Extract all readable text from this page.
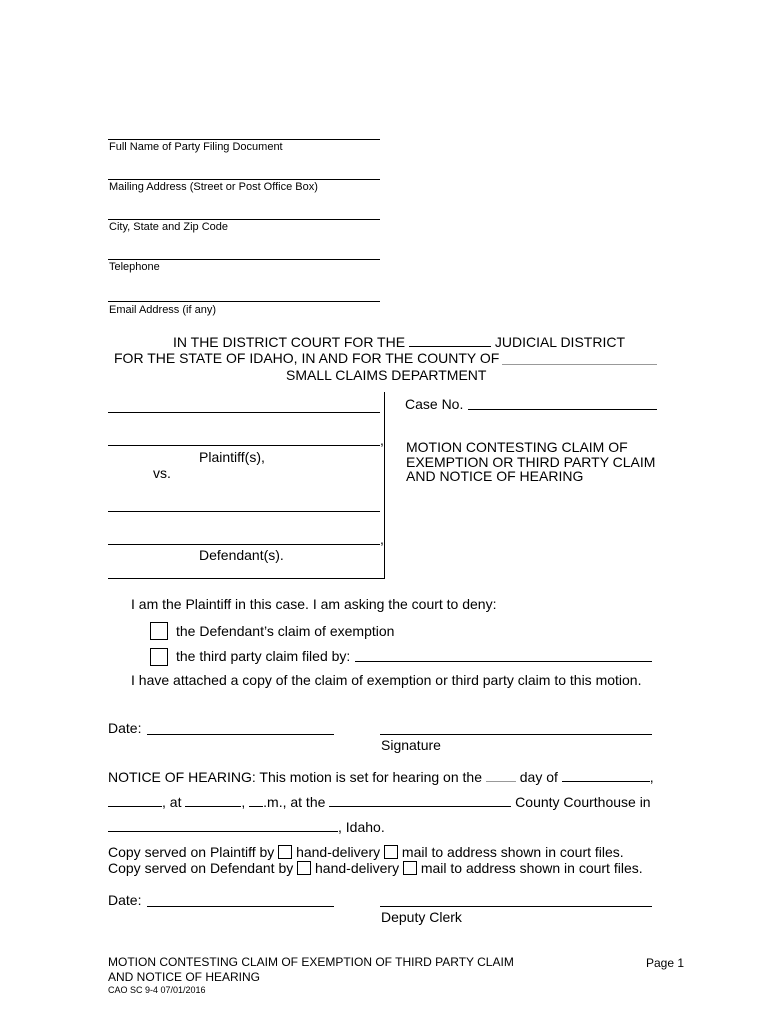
Full Name of Party Filing Document
Mailing Address (Street or Post Office Box)
City, State and Zip Code
Telephone
Email Address (if any)
IN THE DISTRICT COURT FOR THE	JUDICIAL DISTRICT
FOR THE STATE OF IDAHO, IN AND FOR THE COUNTY OF
SMALL CLAIMS DEPARTMENT
,
Plaintiff(s),
vs.
,
Defendant(s).
Case No.
MOTION CONTESTING CLAIM OF
EXEMPTION OR THIRD PARTY CLAIM
AND NOTICE OF HEARING
I am the Plaintiff in this case. I am asking the court to deny:
the Defendant’s claim of exemption
the third party claim filed by:
I have attached a copy of the claim of exemption or third party claim to this motion.
Date:
Signature
NOTICE OF HEARING: This motion is set for hearing on the	day of	,
, at	, .m., at the	County Courthouse in
, Idaho.
Copy served on Plaintiff by hand-delivery mail to address shown in court files.
Copy served on Defendant by hand-delivery mail to address shown in court files.
Date:
Deputy Clerk
MOTION CONTESTING CLAIM OF EXEMPTION OF THIRD PARTY CLAIM
AND NOTICE OF HEARING
CAO SC 9-4 07/01/2016
Page 1
